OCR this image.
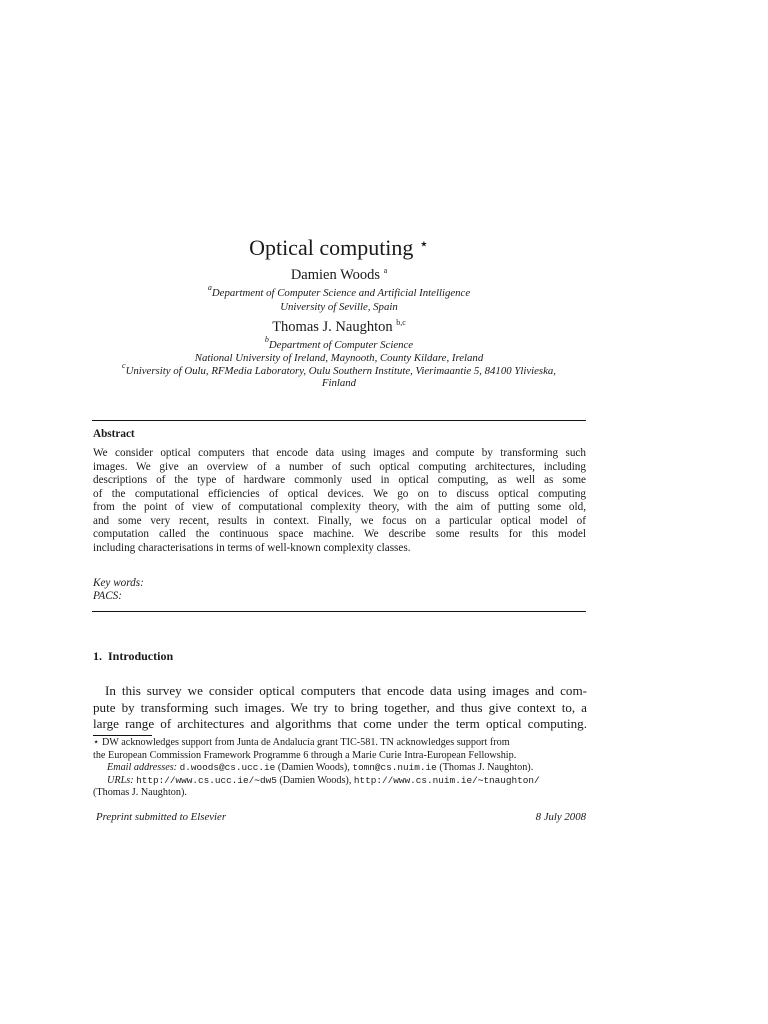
Optical computing ⋆
Damien Woods $^a$
$^a$Department of Computer Science and Artificial Intelligence
University of Seville, Spain
Thomas J. Naughton $^{b,c}$
$^b$Department of Computer Science
National University of Ireland, Maynooth, County Kildare, Ireland
$^c$University of Oulu, RFMedia Laboratory, Oulu Southern Institute, Vierimaantie 5, 84100 Ylivieska,
Finland
Abstract
We consider optical computers that encode data using images and compute by transforming such
images. We give an overview of a number of such optical computing architectures, including
descriptions of the type of hardware commonly used in optical computing, as well as some
of the computational efficiencies of optical devices. We go on to discuss optical computing
from the point of view of computational complexity theory, with the aim of putting some old,
and some very recent, results in context. Finally, we focus on a particular optical model of
computation called the continuous space machine. We describe some results for this model
including characterisations in terms of well-known complexity classes.
Key words:
PACS:
1.  Introduction
In this survey we consider optical computers that encode data using images and com-
pute by transforming such images. We try to bring together, and thus give context to, a
large range of architectures and algorithms that come under the term optical computing.
⋆ DW acknowledges support from Junta de Andalucía grant TIC-581. TN acknowledges support from
the European Commission Framework Programme 6 through a Marie Curie Intra-European Fellowship.
Email addresses: d.woods@cs.ucc.ie (Damien Woods), tomn@cs.nuim.ie (Thomas J. Naughton).
URLs: http://www.cs.ucc.ie/∼dw5 (Damien Woods), http://www.cs.nuim.ie/∼tnaughton/
(Thomas J. Naughton).
Preprint submitted to Elsevier	8 July 2008
